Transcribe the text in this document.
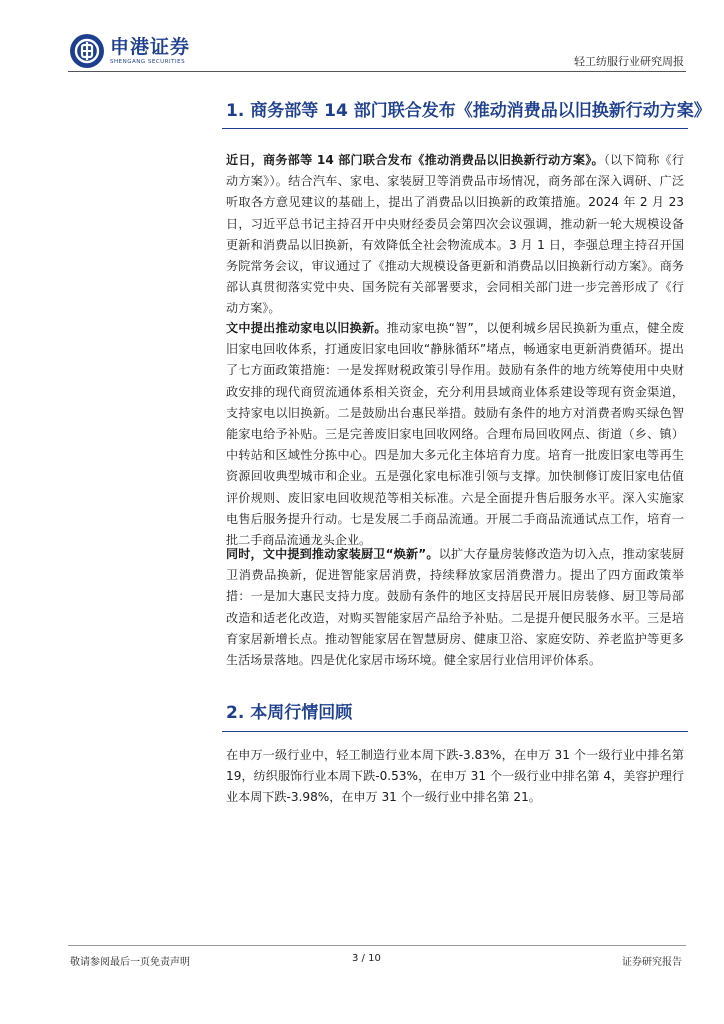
申港证券
SHENGANG SECURITIES	轻工纺服行业研究周报
1. 商务部等 14 部门联合发布《推动消费品以旧换新行动方案》

近日，商务部等 14 部门联合发布《推动消费品以旧换新行动方案》。（以下简称《行动方案》）。结合汽车、家电、家装厨卫等消费品市场情况，商务部在深入调研、广泛听取各方意见建议的基础上，提出了消费品以旧换新的政策措施。2024 年 2 月 23 日，习近平总书记主持召开中央财经委员会第四次会议强调，推动新一轮大规模设备更新和消费品以旧换新，有效降低全社会物流成本。3 月 1 日，李强总理主持召开国务院常务会议，审议通过了《推动大规模设备更新和消费品以旧换新行动方案》。商务部认真贯彻落实党中央、国务院有关部署要求，会同相关部门进一步完善形成了《行动方案》。

文中提出推动家电以旧换新。推动家电换“智”，以便利城乡居民换新为重点，健全废旧家电回收体系，打通废旧家电回收“静脉循环”堵点，畅通家电更新消费循环。提出了七方面政策措施：一是发挥财税政策引导作用。鼓励有条件的地方统筹使用中央财政安排的现代商贸流通体系相关资金，充分利用县域商业体系建设等现有资金渠道，支持家电以旧换新。二是鼓励出台惠民举措。鼓励有条件的地方对消费者购买绿色智能家电给予补贴。三是完善废旧家电回收网络。合理布局回收网点、街道（乡、镇）中转站和区域性分拣中心。四是加大多元化主体培育力度。培育一批废旧家电等再生资源回收典型城市和企业。五是强化家电标准引领与支撑。加快制修订废旧家电估值评价规则、废旧家电回收规范等相关标准。六是全面提升售后服务水平。深入实施家电售后服务提升行动。七是发展二手商品流通。开展二手商品流通试点工作，培育一批二手商品流通龙头企业。

同时，文中提到推动家装厨卫“焕新”。以扩大存量房装修改造为切入点，推动家装厨卫消费品换新，促进智能家居消费，持续释放家居消费潜力。提出了四方面政策举措：一是加大惠民支持力度。鼓励有条件的地区支持居民开展旧房装修、厨卫等局部改造和适老化改造，对购买智能家居产品给予补贴。二是提升便民服务水平。三是培育家居新增长点。推动智能家居在智慧厨房、健康卫浴、家庭安防、养老监护等更多生活场景落地。四是优化家居市场环境。健全家居行业信用评价体系。

2. 本周行情回顾

在申万一级行业中，轻工制造行业本周下跌-3.83%，在申万 31 个一级行业中排名第 19，纺织服饰行业本周下跌-0.53%，在申万 31 个一级行业中排名第 4，美容护理行业本周下跌-3.98%，在申万 31 个一级行业中排名第 21。

敬请参阅最后一页免责声明	3 / 10	证券研究报告
